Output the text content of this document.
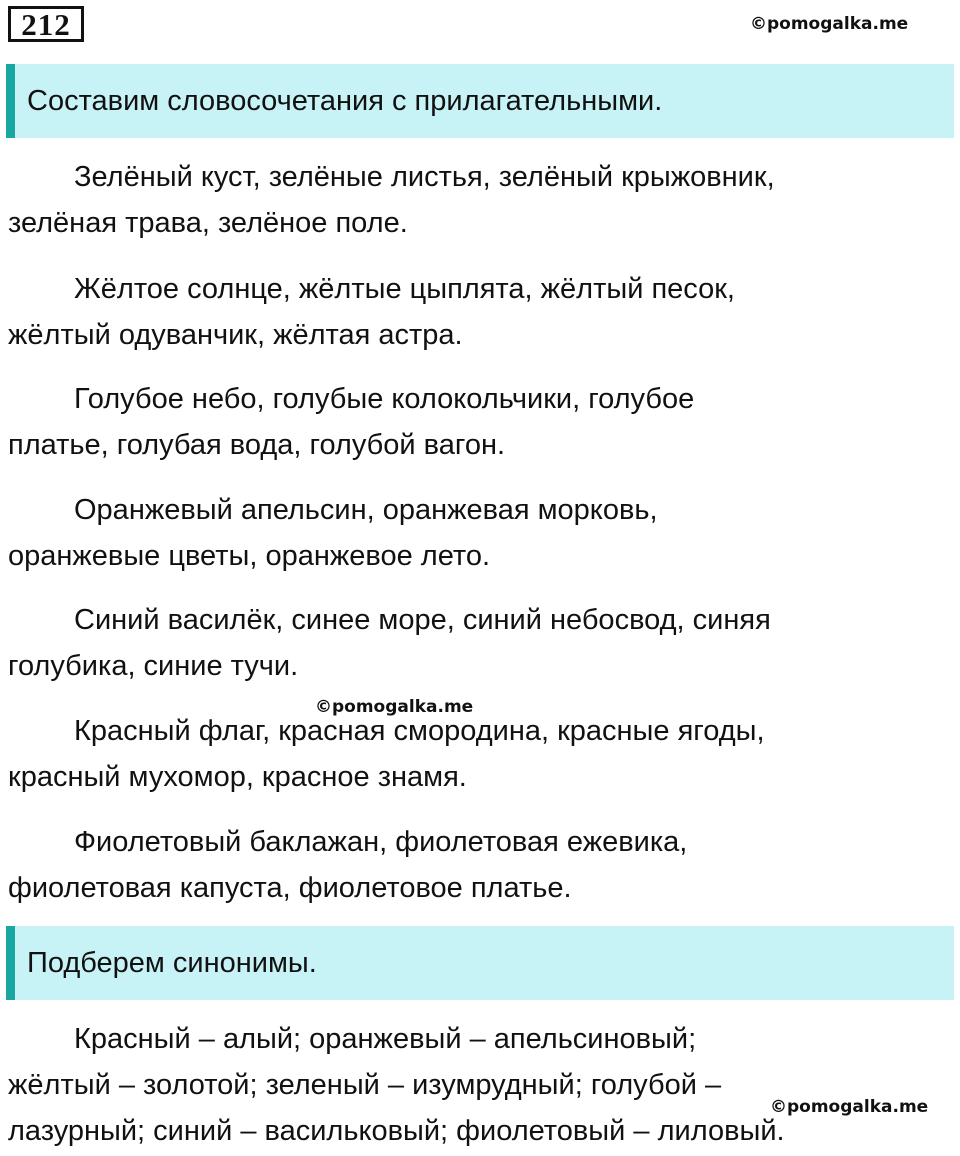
212	©pomogalka.me
Составим словосочетания с прилагательными.

Зелёный куст, зелёные листья, зелёный крыжовник,
зелёная трава, зелёное поле.

Жёлтое солнце, жёлтые цыплята, жёлтый песок,
жёлтый одуванчик, жёлтая астра.

Голубое небо, голубые колокольчики, голубое
платье, голубая вода, голубой вагон.

Оранжевый апельсин, оранжевая морковь,
оранжевые цветы, оранжевое лето.

Синий василёк, синее море, синий небосвод, синяя
голубика, синие тучи.

©pomogalka.me

Красный флаг, красная смородина, красные ягоды,
красный мухомор, красное знамя.

Фиолетовый баклажан, фиолетовая ежевика,
фиолетовая капуста, фиолетовое платье.

Подберем синонимы.

Красный – алый; оранжевый – апельсиновый;
жёлтый – золотой; зеленый – изумрудный; голубой –
лазурный; синий – васильковый; фиолетовый – лиловый.

©pomogalka.me
